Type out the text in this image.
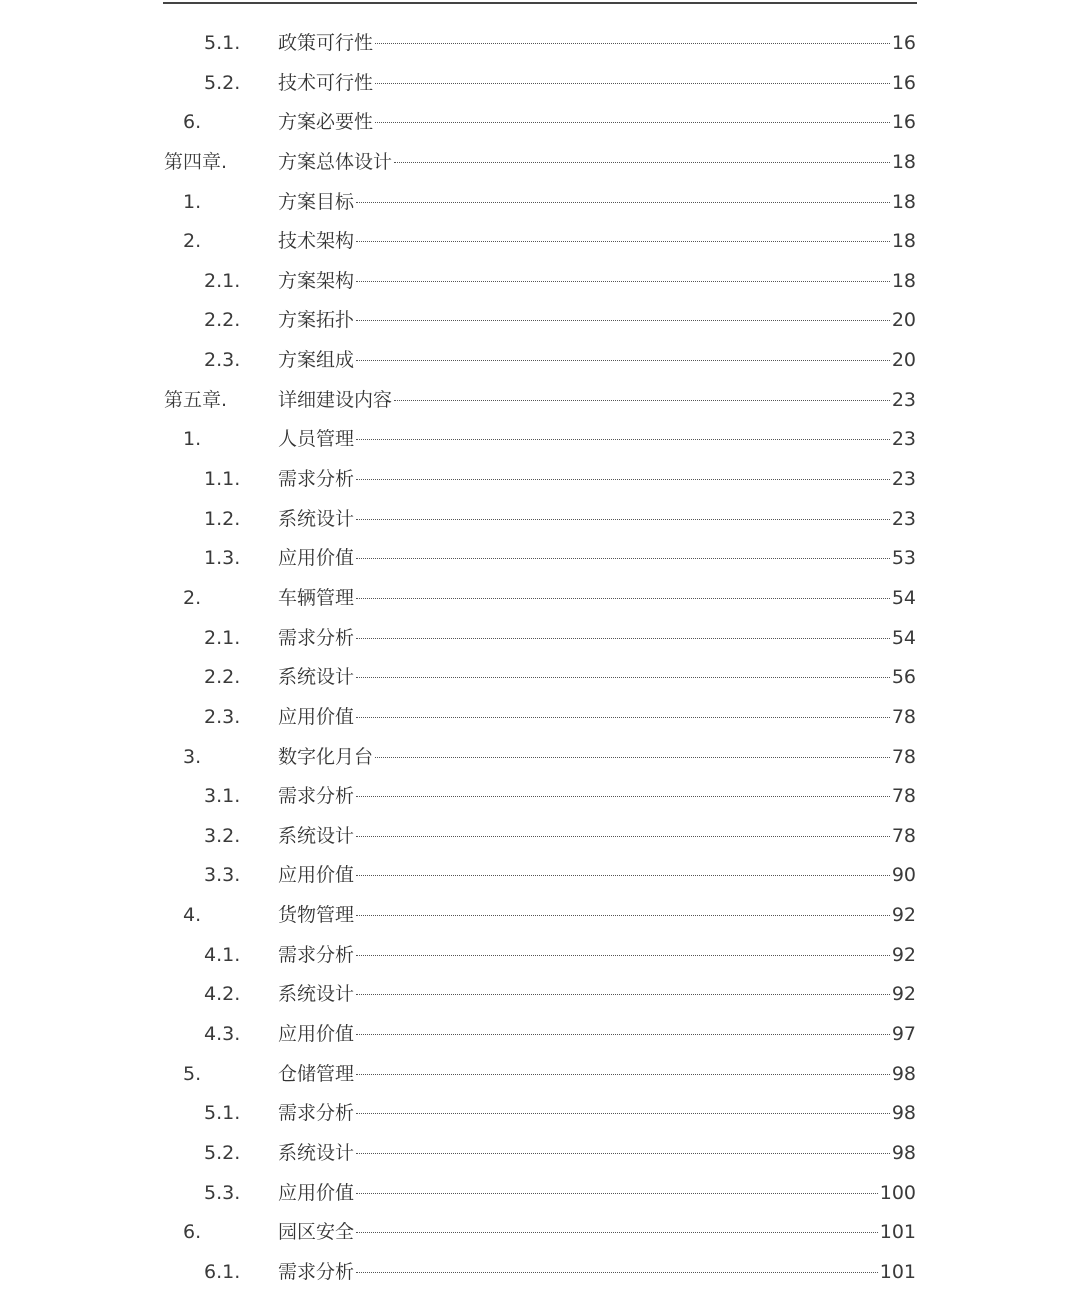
5.1. 政策可行性	16
5.2. 技术可行性	16
6.	方案必要性	16
第四章.	方案总体设计	18
1.	方案目标	18
2.	技术架构	18
2.1. 方案架构	18
2.2. 方案拓扑	20
2.3. 方案组成	20
第五章.	详细建设内容	23
1.	人员管理	23
1.1. 需求分析	23
1.2. 系统设计	23
1.3. 应用价值	53
2.	车辆管理	54
2.1. 需求分析	54
2.2. 系统设计	56
2.3. 应用价值	78
3.	数字化月台	78
3.1. 需求分析	78
3.2. 系统设计	78
3.3. 应用价值	90
4.	货物管理	92
4.1. 需求分析	92
4.2. 系统设计	92
4.3. 应用价值	97
5.	仓储管理	98
5.1. 需求分析	98
5.2. 系统设计	98
5.3. 应用价值	100
6.	园区安全	101
6.1. 需求分析	101
